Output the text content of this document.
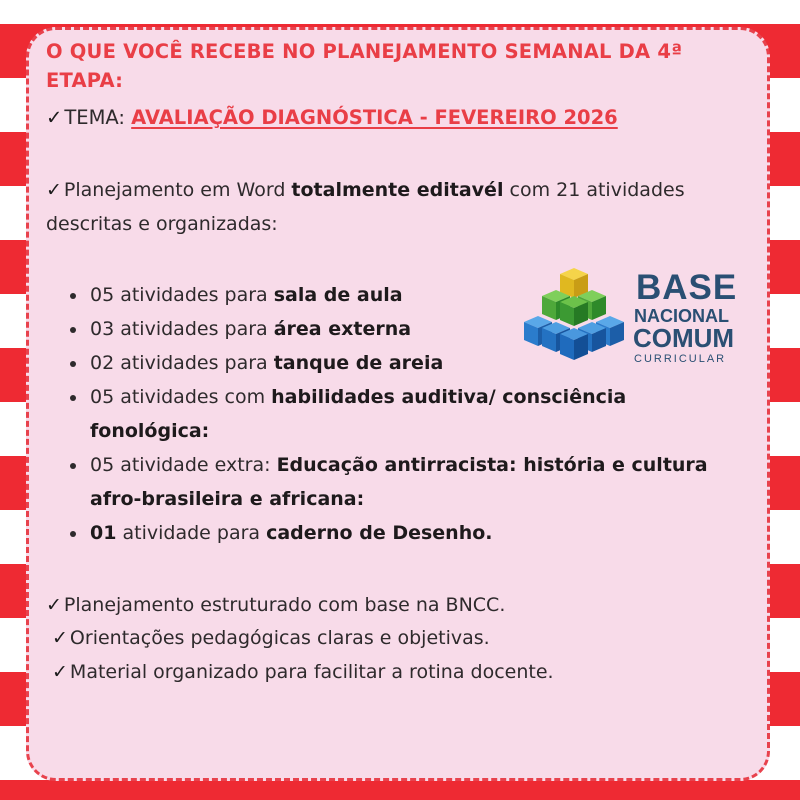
O QUE VOCÊ RECEBE NO PLANEJAMENTO SEMANAL DA 4ª ETAPA:
✓ TEMA: AVALIAÇÃO DIAGNÓSTICA - FEVEREIRO 2026
✓ Planejamento em Word totalmente editavél com 21 atividades descritas e organizadas:
05 atividades para sala de aula
03 atividades para área externa
02 atividades para tanque de areia
05 atividades com habilidades auditiva/ consciência fonológica:
05 atividade extra: Educação antirracista: história e cultura afro-brasileira e africana:
01 atividade para caderno de Desenho.
✓ Planejamento estruturado com base na BNCC.
✓ Orientações pedagógicas claras e objetivas.
✓ Material organizado para facilitar a rotina docente.
BASE
NACIONAL
COMUM
CURRICULAR
